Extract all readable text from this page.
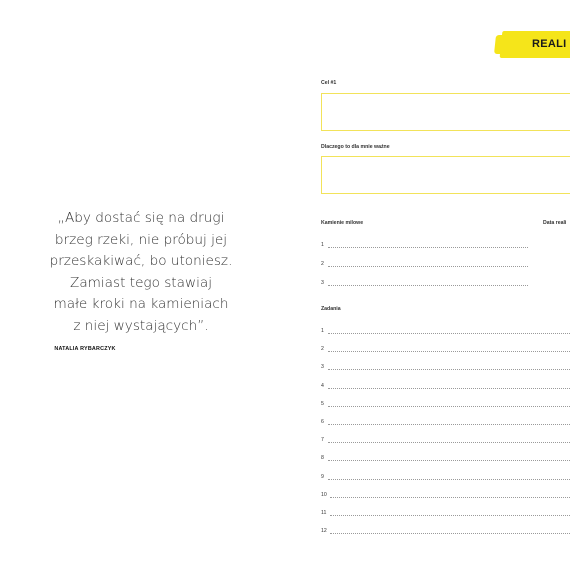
„Aby dostać się na drugi
brzeg rzeki, nie próbuj jej
przeskakiwać, bo utoniesz.
Zamiast tego stawiaj
małe kroki na kamieniach
z niej wystających”.
NATALIA RYBARCZYK
REALI
Cel #1
Dlaczego to dla mnie ważne
Kamienie milowe	Data reali
1
2
3
Zadania
1
2
3
4
5
6
7
8
9
10
11
12
